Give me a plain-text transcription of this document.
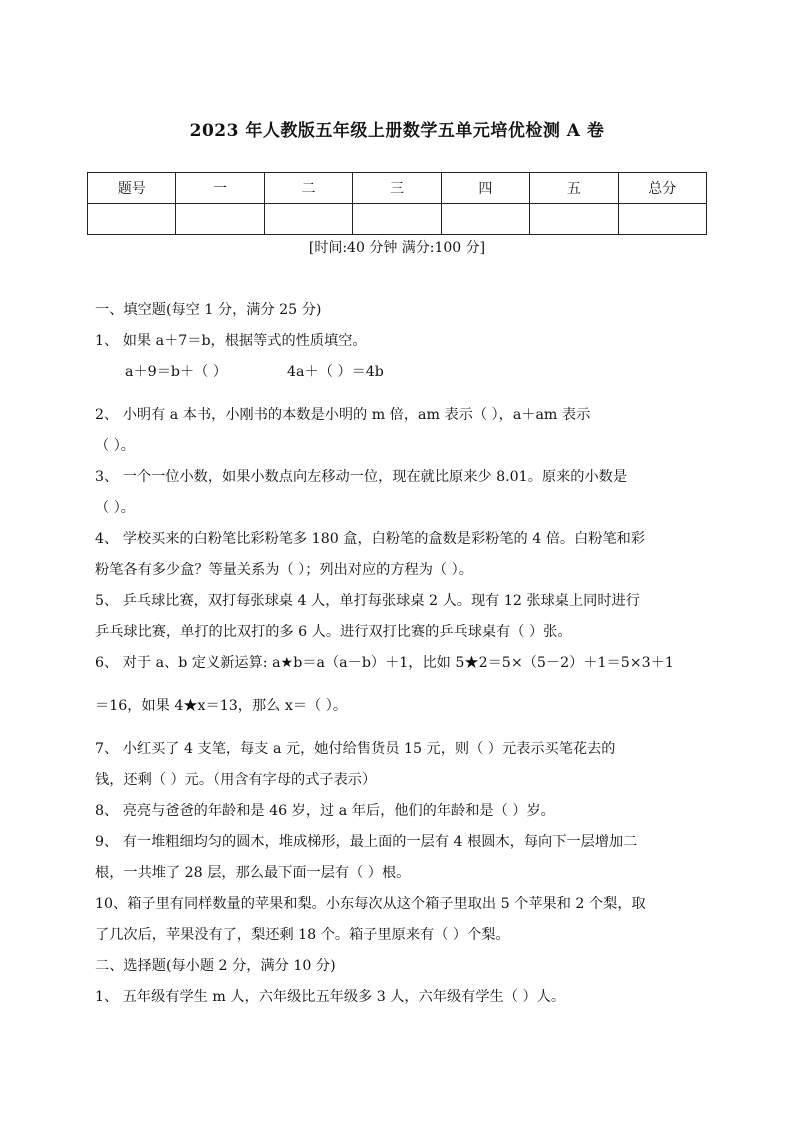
2023 年人教版五年级上册数学五单元培优检测 A 卷
题号	一	二	三	四	五	总分

[时间:40 分钟 满分:100 分]
一、填空题(每空 1 分，满分 25 分)
1、 如果 a＋7＝b，根据等式的性质填空。
a＋9＝b＋（ ）	4a＋（ ）＝4b
2、 小明有 a 本书，小刚书的本数是小明的 m 倍，am 表示（ ），a＋am 表示
（ ）。
3、 一个一位小数，如果小数点向左移动一位，现在就比原来少 8.01。原来的小数是
（ ）。
4、 学校买来的白粉笔比彩粉笔多 180 盒，白粉笔的盒数是彩粉笔的 4 倍。白粉笔和彩
粉笔各有多少盒？等量关系为（ ）；列出对应的方程为（ ）。
5、 乒乓球比赛，双打每张球桌 4 人，单打每张球桌 2 人。现有 12 张球桌上同时进行
乒乓球比赛，单打的比双打的多 6 人。进行双打比赛的乒乓球桌有（ ）张。
6、 对于 a、b 定义新运算: a★b＝a（a－b）＋1，比如 5★2＝5×（5－2）＋1＝5×3＋1
＝16，如果 4★x＝13，那么 x＝（ ）。
7、 小红买了 4 支笔，每支 a 元，她付给售货员 15 元，则（ ）元表示买笔花去的
钱，还剩（ ）元。（用含有字母的式子表示）
8、 亮亮与爸爸的年龄和是 46 岁，过 a 年后，他们的年龄和是（ ）岁。
9、 有一堆粗细均匀的圆木，堆成梯形，最上面的一层有 4 根圆木，每向下一层增加二
根，一共堆了 28 层，那么最下面一层有（ ）根。
10、箱子里有同样数量的苹果和梨。小东每次从这个箱子里取出 5 个苹果和 2 个梨，取
了几次后，苹果没有了，梨还剩 18 个。箱子里原来有（ ）个梨。
二、选择题(每小题 2 分，满分 10 分)
1、 五年级有学生 m 人，六年级比五年级多 3 人，六年级有学生（ ）人。
